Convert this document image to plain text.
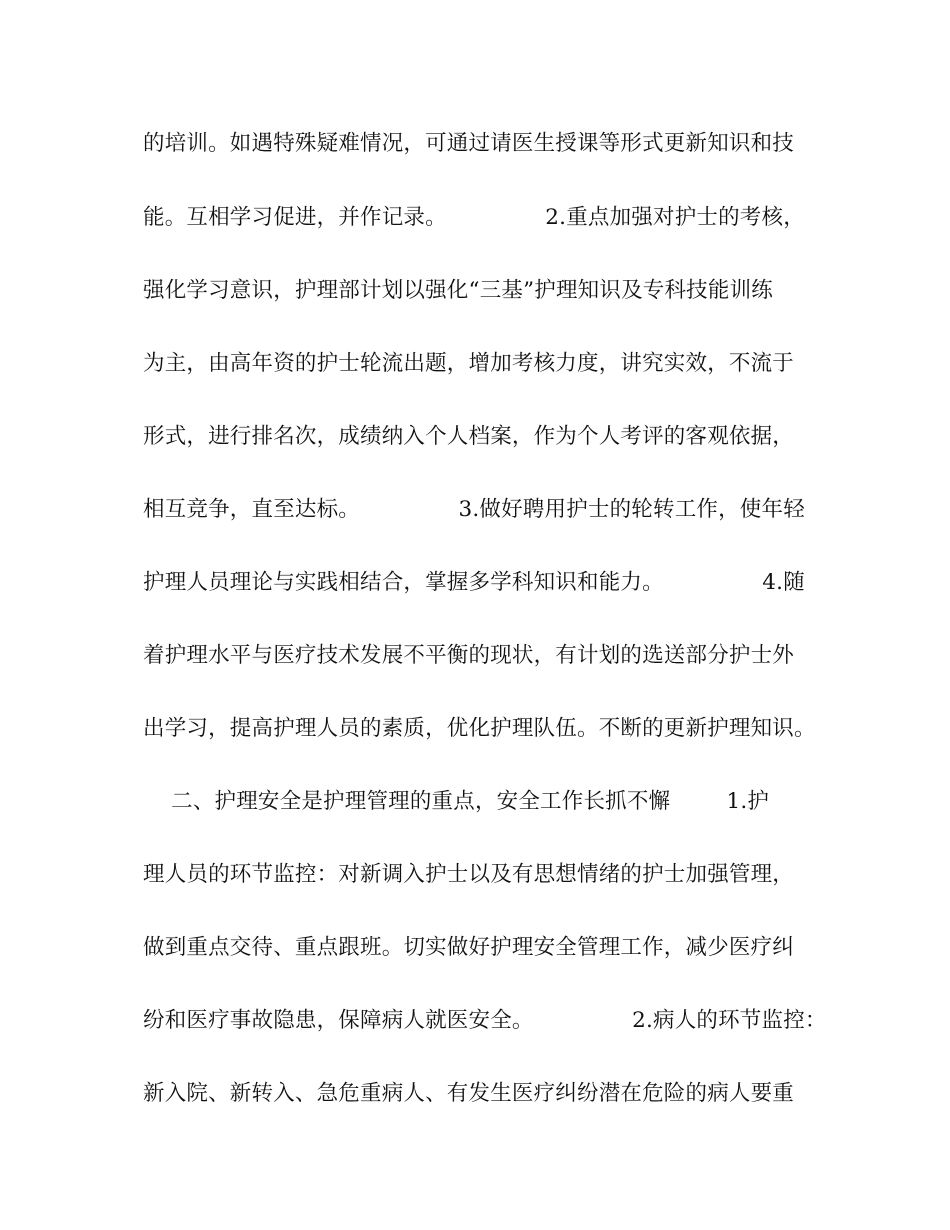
的培训。如遇特殊疑难情况，可通过请医生授课等形式更新知识和技
能。互相学习促进，并作记录。              2.重点加强对护士的考核，
强化学习意识，护理部计划以强化“三基”护理知识及专科技能训练
为主，由高年资的护士轮流出题，增加考核力度，讲究实效，不流于
形式，进行排名次，成绩纳入个人档案，作为个人考评的客观依据，
相互竞争，直至达标。              3.做好聘用护士的轮转工作，使年轻
护理人员理论与实践相结合，掌握多学科知识和能力。              4.随
着护理水平与医疗技术发展不平衡的现状，有计划的选送部分护士外
出学习，提高护理人员的素质，优化护理队伍。不断的更新护理知识。
二、护理安全是护理管理的重点，安全工作长抓不懈        1.护
理人员的环节监控：对新调入护士以及有思想情绪的护士加强管理，
做到重点交待、重点跟班。切实做好护理安全管理工作，减少医疗纠
纷和医疗事故隐患，保障病人就医安全。              2.病人的环节监控：
新入院、新转入、急危重病人、有发生医疗纠纷潜在危险的病人要重
